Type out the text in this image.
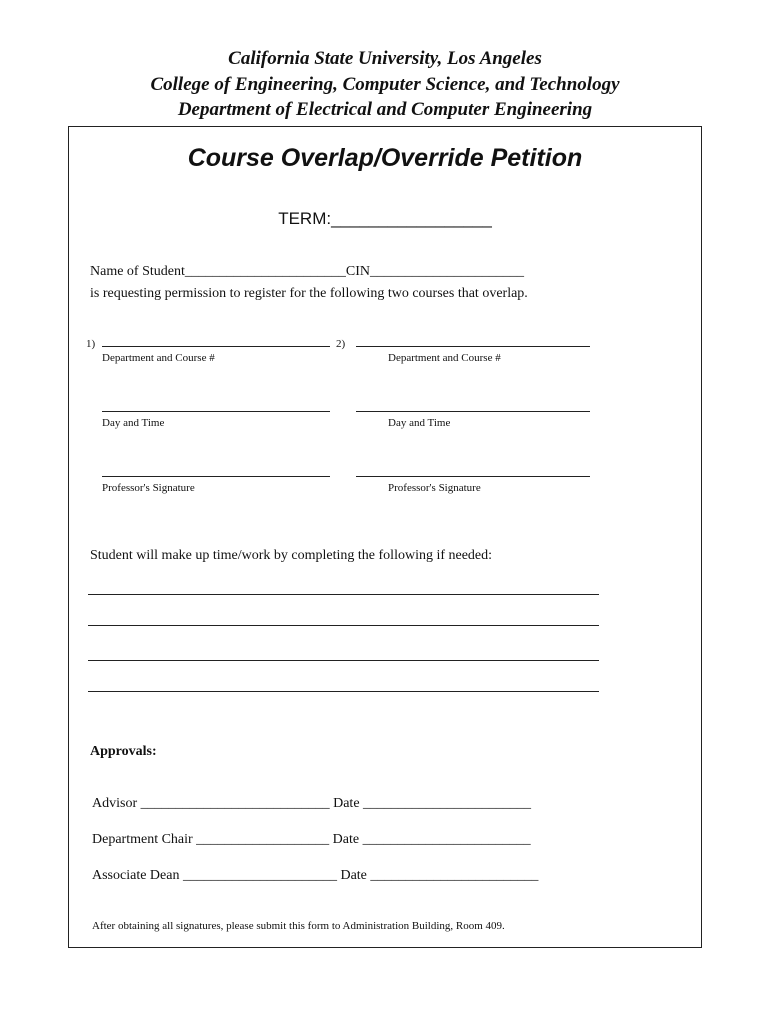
California State University, Los Angeles
College of Engineering, Computer Science, and Technology
Department of Electrical and Computer Engineering
Course Overlap/Override Petition
TERM:_________________
Name of Student_______________________CIN______________________
is requesting permission to register for the following two courses that overlap.
1)
Department and Course #
Day and Time
Professor's Signature
2)
Department and Course #
Day and Time
Professor's Signature
Student will make up time/work by completing the following if needed:
Approvals:
Advisor ___________________________ Date ________________________
Department Chair ___________________ Date ________________________
Associate Dean ______________________ Date ________________________
After obtaining all signatures, please submit this form to Administration Building, Room 409.
